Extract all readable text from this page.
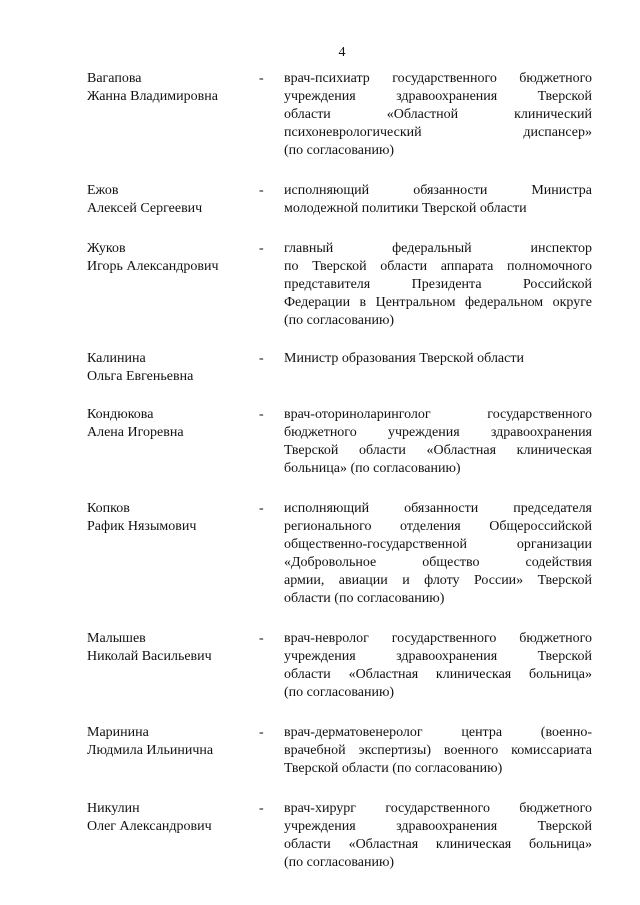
4
Вагапова
Жанна Владимировна
-	врач-психиатр государственного бюджетного
учреждения здравоохранения Тверской
области «Областной клинический
психоневрологический диспансер»
(по согласованию)
Ежов
Алексей Сергеевич
-	исполняющий обязанности Министра
молодежной политики Тверской области
Жуков
Игорь Александрович
-	главный федеральный инспектор
по Тверской области аппарата полномочного
представителя Президента Российской
Федерации в Центральном федеральном округе
(по согласованию)
Калинина
Ольга Евгеньевна
-	Министр образования Тверской области
Кондюкова
Алена Игоревна
-	врач-оториноларинголог государственного
бюджетного учреждения здравоохранения
Тверской области «Областная клиническая
больница» (по согласованию)
Копков
Рафик Нязымович
-	исполняющий обязанности председателя
регионального отделения Общероссийской
общественно-государственной организации
«Добровольное общество содействия
армии, авиации и флоту России» Тверской
области (по согласованию)
Малышев
Николай Васильевич
-	врач-невролог государственного бюджетного
учреждения здравоохранения Тверской
области «Областная клиническая больница»
(по согласованию)
Маринина
Людмила Ильинична
-	врач-дерматовенеролог центра (военно-
врачебной экспертизы) военного комиссариата
Тверской области (по согласованию)
Никулин
Олег Александрович
-	врач-хирург государственного бюджетного
учреждения здравоохранения Тверской
области «Областная клиническая больница»
(по согласованию)
